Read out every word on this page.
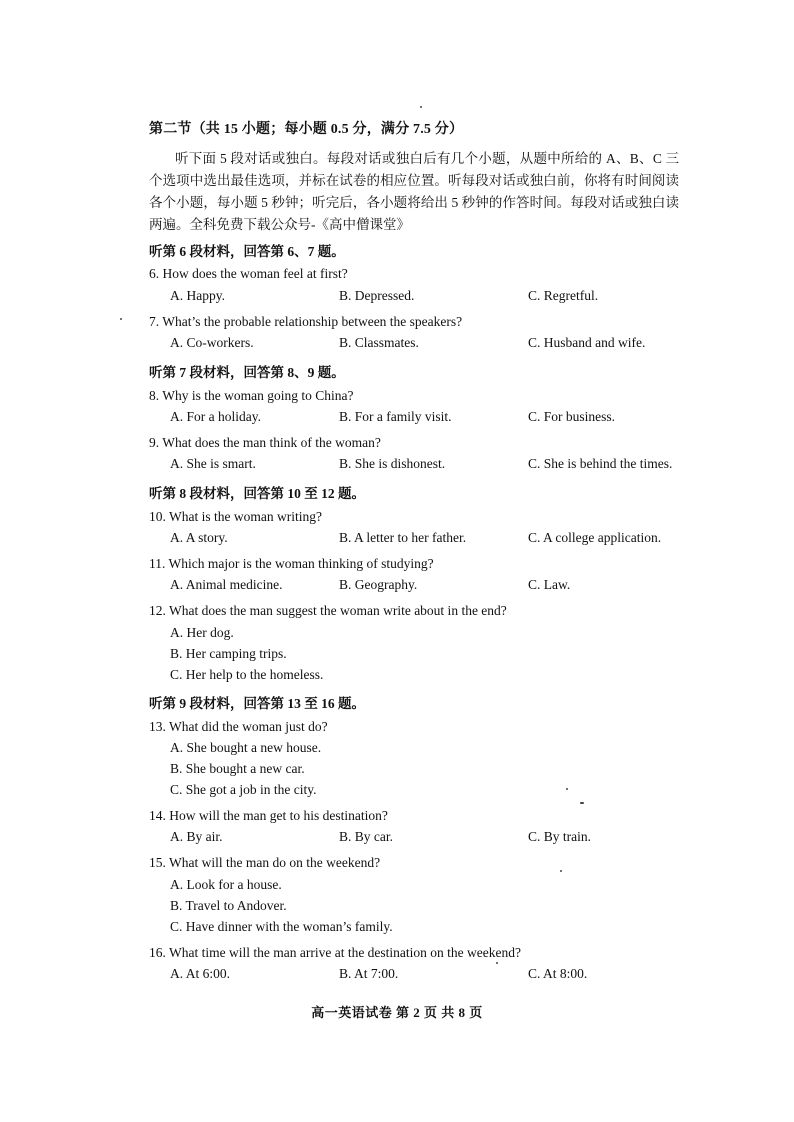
第二节（共 15 小题；每小题 0.5 分，满分 7.5 分）
听下面 5 段对话或独白。每段对话或独白后有几个小题，从题中所给的 A、B、C 三个选项中选出最佳选项，并标在试卷的相应位置。听每段对话或独白前，你将有时间阅读各个小题，每小题 5 秒钟；听完后，各小题将给出 5 秒钟的作答时间。每段对话或独白读两遍。全科免费下载公众号-《高中僧课堂》
听第 6 段材料，回答第 6、7 题。
6. How does the woman feel at first?
A. Happy.	B. Depressed.	C. Regretful.
7. What’s the probable relationship between the speakers?
A. Co-workers.	B. Classmates.	C. Husband and wife.
听第 7 段材料，回答第 8、9 题。
8. Why is the woman going to China?
A. For a holiday.	B. For a family visit.	C. For business.
9. What does the man think of the woman?
A. She is smart.	B. She is dishonest.	C. She is behind the times.
听第 8 段材料，回答第 10 至 12 题。
10. What is the woman writing?
A. A story.	B. A letter to her father.	C. A college application.
11. Which major is the woman thinking of studying?
A. Animal medicine.	B. Geography.	C. Law.
12. What does the man suggest the woman write about in the end?
A. Her dog.
B. Her camping trips.
C. Her help to the homeless.
听第 9 段材料，回答第 13 至 16 题。
13. What did the woman just do?
A. She bought a new house.
B. She bought a new car.
C. She got a job in the city.
14. How will the man get to his destination?
A. By air.	B. By car.	C. By train.
15. What will the man do on the weekend?
A. Look for a house.
B. Travel to Andover.
C. Have dinner with the woman’s family.
16. What time will the man arrive at the destination on the weekend?
A. At 6:00.	B. At 7:00.	C. At 8:00.
高一英语试卷 第 2 页 共 8 页
